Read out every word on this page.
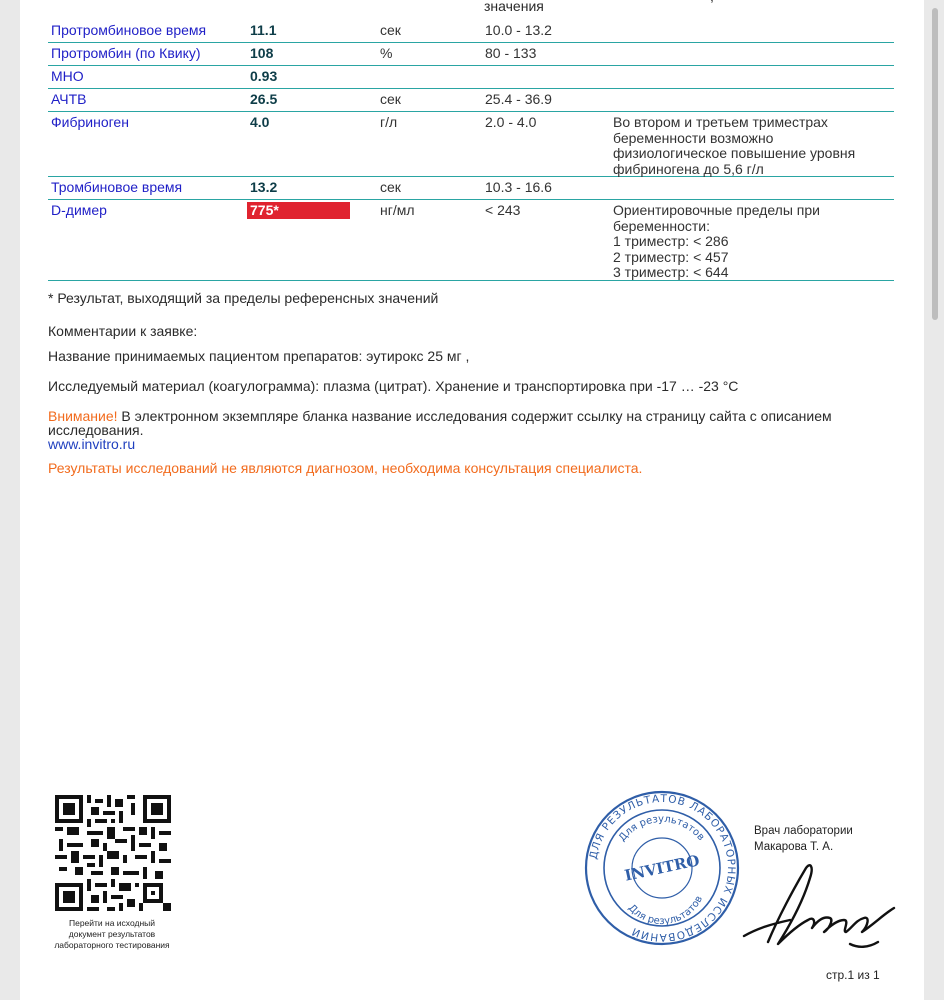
значения
Протромбиновое время	11.1	сек	10.0 - 13.2
Протромбин (по Квику)	108	%	80 - 133
МНО	0.93
АЧТВ	26.5	сек	25.4 - 36.9
Фибриноген	4.0	г/л	2.0 - 4.0	Во втором и третьем триместрах
беременности возможно
физиологическое повышение уровня
фибриногена до 5,6 г/л
Тромбиновое время	13.2	сек	10.3 - 16.6
D-димер	775*	нг/мл	< 243	Ориентировочные пределы при
беременности:
1 триместр: < 286
2 триместр: < 457
3 триместр: < 644
* Результат, выходящий за пределы референсных значений
Комментарии к заявке:
Название принимаемых пациентом препаратов: эутирокс 25 мг ,
Исследуемый материал (коагулограмма): плазма (цитрат). Хранение и транспортировка при -17 … -23 °С
Внимание! В электронном экземпляре бланка название исследования содержит ссылку на страницу сайта с описанием
исследования.
www.invitro.ru
Результаты исследований не являются диагнозом, необходима консультация специалиста.
Перейти на исходный
документ результатов
лабораторного тестирования
ДЛЯ РЕЗУЛЬТАТОВ ЛАБОРАТОРНЫХ ИССЛЕДОВАНИЙ
Для результатов
Для результатов
INVITRO
Врач лаборатории
Макарова Т. А.
стр.1 из 1
